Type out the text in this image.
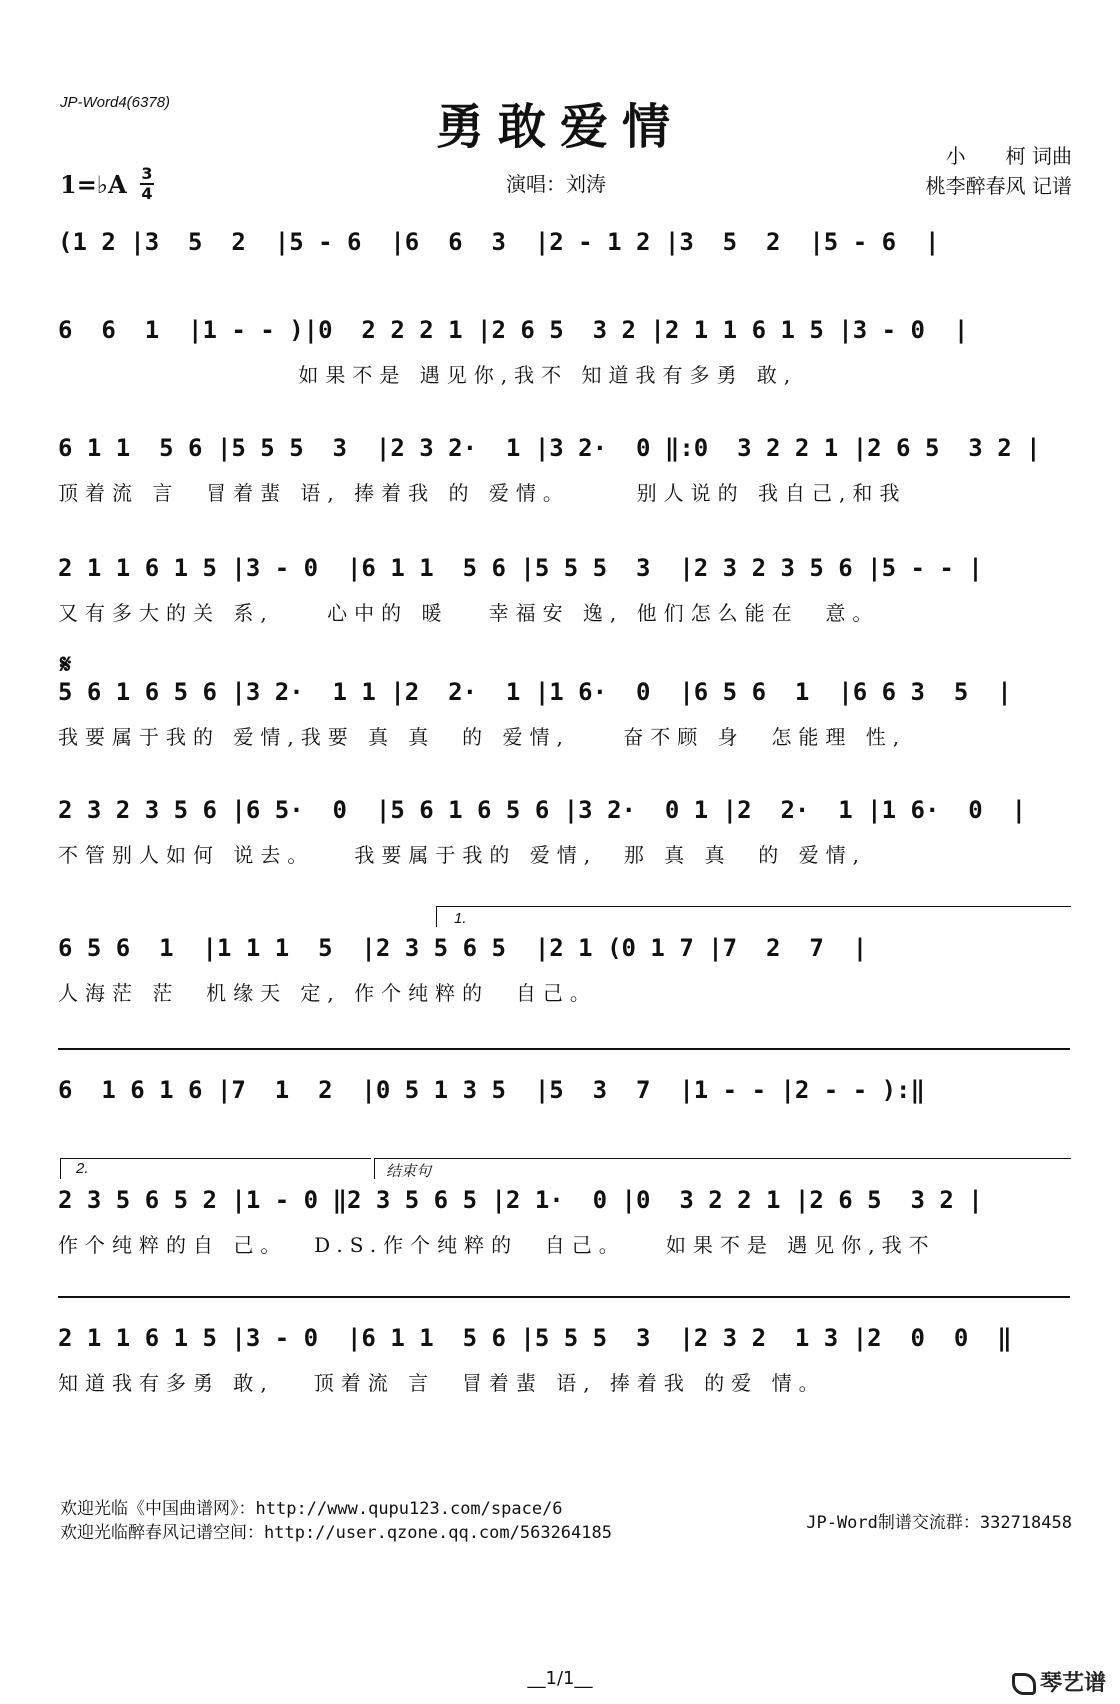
JP-Word4(6378)	勇敢爱情
小　　柯 词曲
桃李醉春风 记谱
演唱：刘涛
1=♭A 3
4
(1 2 |3  5  2  |5 - 6  |6  6  3  |2 - 1 2 |3  5  2  |5 - 6  |
6  6  1  |1 - - )|0  2 2 2 1 |2 6 5  3 2 |2 1 1 6 1 5 |3 - 0  |
如果不是 遇见你,我不 知道我有多勇 敢,
6 1 1  5 6 |5 5 5  3  |2 3 2·  1 |3 2·  0 ‖:0  3 2 2 1 |2 6 5  3 2 |
顶着流 言  冒着蜚 语, 捧着我 的 爱情。     别人说的 我自己,和我
2 1 1 6 1 5 |3 - 0  |6 1 1  5 6 |5 5 5  3  |2 3 2 3 5 6 |5 - - |
又有多大的关 系,    心中的 暖   幸福安 逸, 他们怎么能在  意。
𝄋
5 6 1 6 5 6 |3 2·  1 1 |2  2·  1 |1 6·  0  |6 5 6  1  |6 6 3  5  |
我要属于我的 爱情,我要 真 真  的 爱情,    奋不顾 身  怎能理 性,
2 3 2 3 5 6 |6 5·  0  |5 6 1 6 5 6 |3 2·  0 1 |2  2·  1 |1 6·  0  |
不管别人如何 说去。   我要属于我的 爱情,  那 真 真  的 爱情,
1.
6 5 6  1  |1 1 1  5  |2 3 5 6 5  |2 1 (0 1 7 |7  2  7  |
人海茫 茫  机缘天 定, 作个纯粹的  自己。
6  1 6 1 6 |7  1  2  |0 5 1 3 5  |5  3  7  |1 - - |2 - - ):‖
2.	结束句
2 3 5 6 5 2 |1 - 0 ‖2 3 5 6 5 |2 1·  0 |0  3 2 2 1 |2 6 5  3 2 |
作个纯粹的自 己。  D.S.作个纯粹的  自己。   如果不是 遇见你,我不
2 1 1 6 1 5 |3 - 0  |6 1 1  5 6 |5 5 5  3  |2 3 2  1 3 |2  0  0  ‖
知道我有多勇 敢,   顶着流 言  冒着蜚 语, 捧着我 的爱 情。
欢迎光临《中国曲谱网》：http://www.qupu123.com/space/6
欢迎光临醉春风记谱空间：http://user.qzone.qq.com/563264185	JP-Word制谱交流群：332718458
__1/1__	琴艺谱
